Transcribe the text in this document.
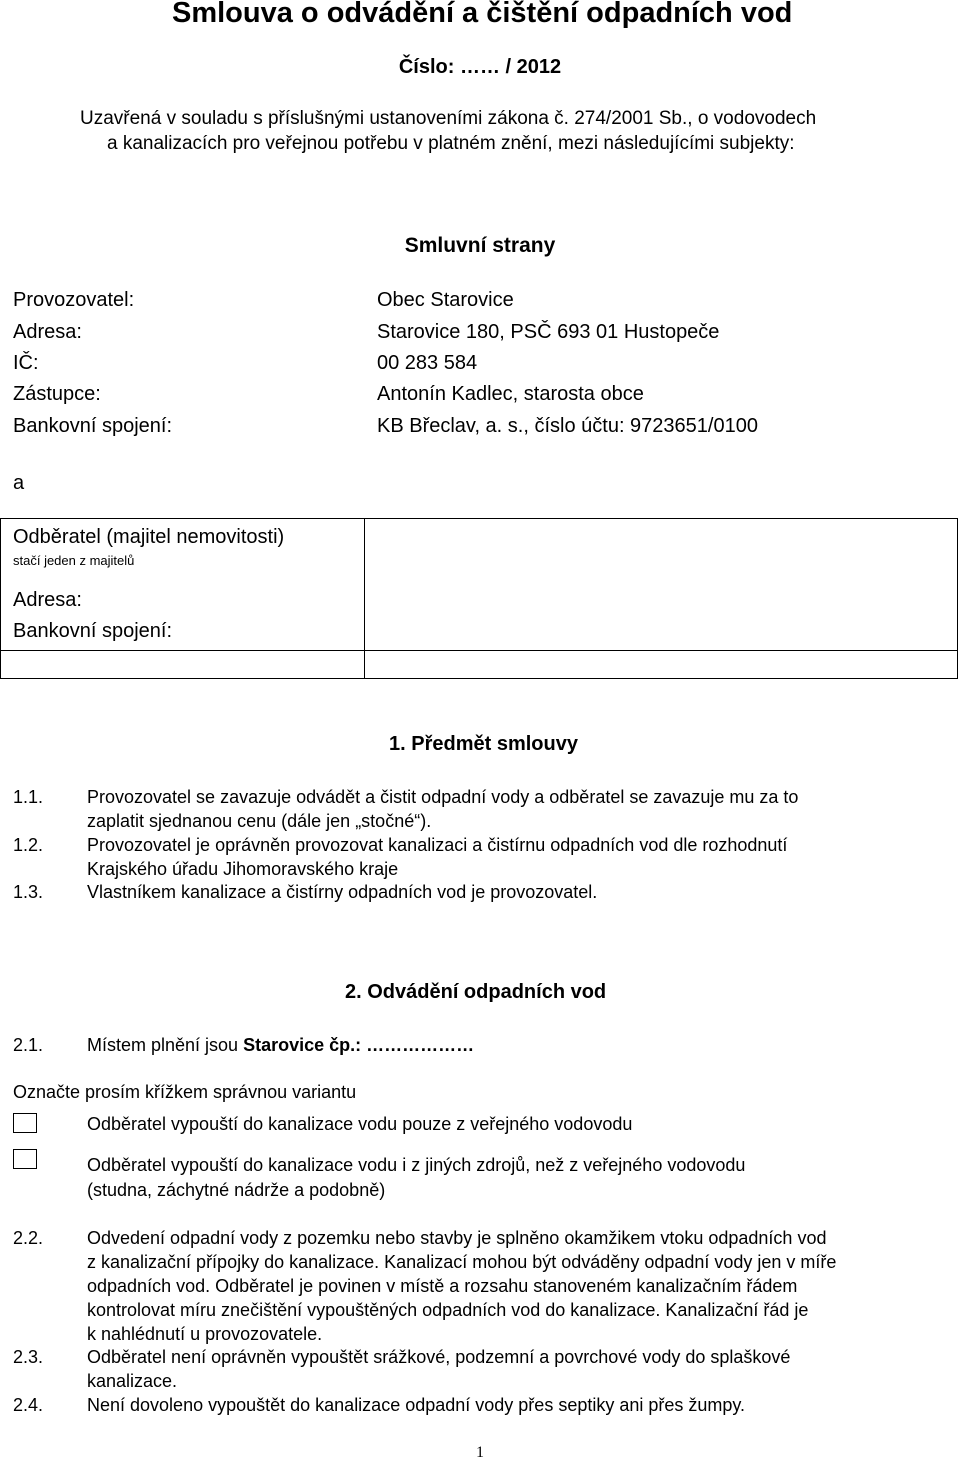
Smlouva o odvádění a čištění odpadních vod
Číslo: …… / 2012
Uzavřená v souladu s příslušnými ustanoveními zákona č. 274/2001 Sb., o vodovodech
a kanalizacích pro veřejnou potřebu v platném znění, mezi následujícími subjekty:
Smluvní strany
Provozovatel:	Obec Starovice
Adresa:	Starovice 180, PSČ 693 01 Hustopeče
IČ:	00 283 584
Zástupce:	Antonín Kadlec, starosta obce
Bankovní spojení:	KB Břeclav, a. s., číslo účtu: 9723651/0100
a
Odběratel (majitel nemovitosti)
stačí jeden z majitelů
Adresa:
Bankovní spojení:
1. Předmět smlouvy
1.1. Provozovatel se zavazuje odvádět a čistit odpadní vody a odběratel se zavazuje mu za to
zaplatit sjednanou cenu (dále jen „stočné“).
1.2. Provozovatel je oprávněn provozovat kanalizaci a čistírnu odpadních vod dle rozhodnutí
Krajského úřadu Jihomoravského kraje
1.3. Vlastníkem kanalizace a čistírny odpadních vod je provozovatel.
2. Odvádění odpadních vod
2.1. Místem plnění jsou Starovice čp.: ………………
Označte prosím křížkem správnou variantu
Odběratel vypouští do kanalizace vodu pouze z veřejného vodovodu
Odběratel vypouští do kanalizace vodu i z jiných zdrojů, než z veřejného vodovodu
(studna, záchytné nádrže a podobně)
2.2. Odvedení odpadní vody z pozemku nebo stavby je splněno okamžikem vtoku odpadních vod
z kanalizační přípojky do kanalizace. Kanalizací mohou být odváděny odpadní vody jen v míře
odpadních vod. Odběratel je povinen v místě a rozsahu stanoveném kanalizačním řádem
kontrolovat míru znečištění vypouštěných odpadních vod do kanalizace. Kanalizační řád je
k nahlédnutí u provozovatele.
2.3. Odběratel není oprávněn vypouštět srážkové, podzemní a povrchové vody do splaškové
kanalizace.
2.4. Není dovoleno vypouštět do kanalizace odpadní vody přes septiky ani přes žumpy.
1
